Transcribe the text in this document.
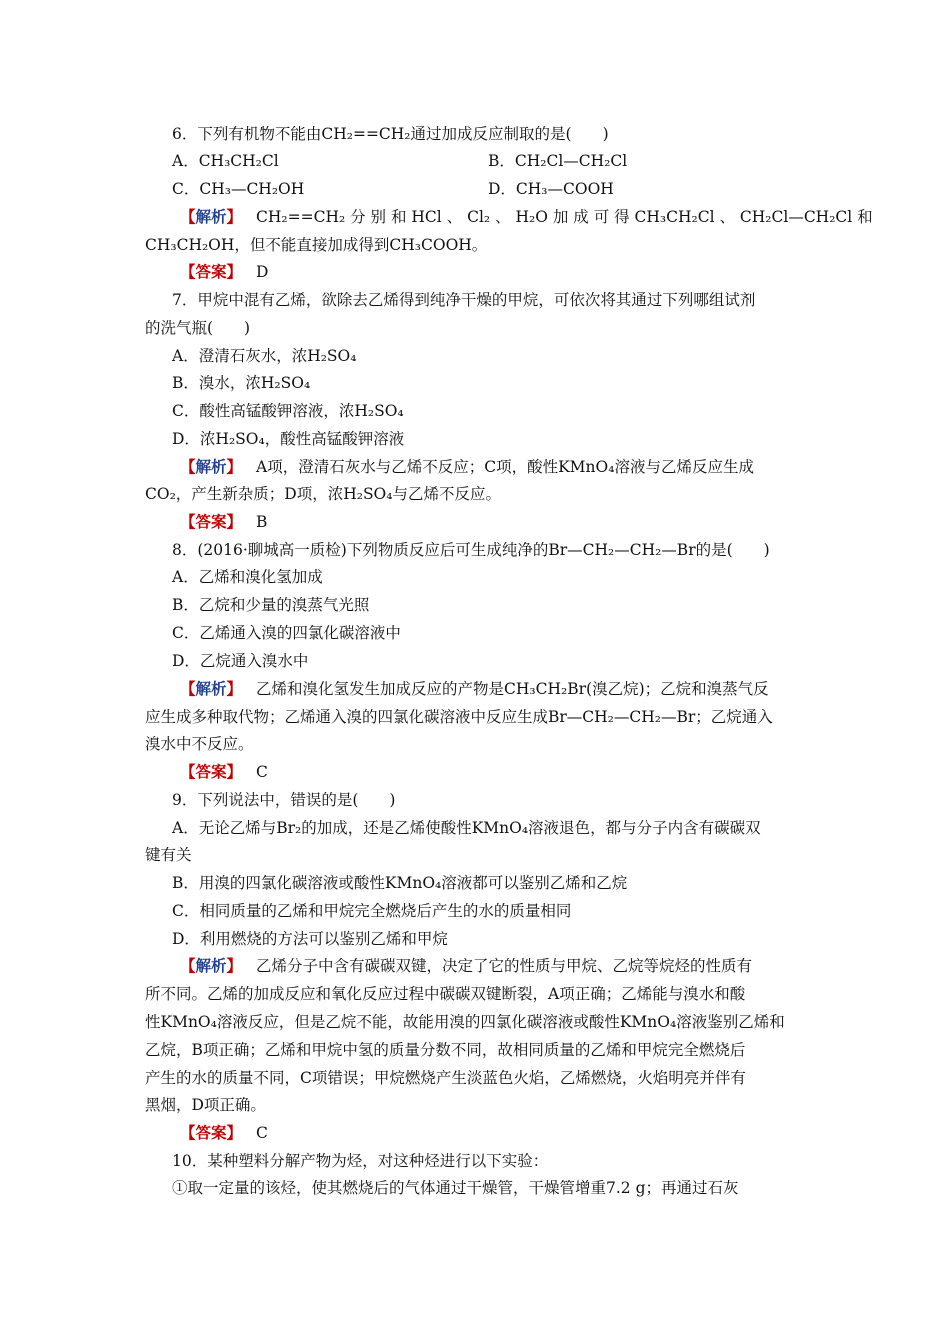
6．下列有机物不能由CH₂==CH₂通过加成反应制取的是(　　)
A．CH₃CH₂Cl	B．CH₂Cl—CH₂Cl
C．CH₃—CH₂OH	D．CH₃—COOH
【解析】 CH₂==CH₂ 分 别 和 HCl 、 Cl₂ 、 H₂O 加 成 可 得 CH₃CH₂Cl 、 CH₂Cl—CH₂Cl 和
CH₃CH₂OH，但不能直接加成得到CH₃COOH。
【答案】 D
7．甲烷中混有乙烯，欲除去乙烯得到纯净干燥的甲烷，可依次将其通过下列哪组试剂
的洗气瓶(　　)
A．澄清石灰水，浓H₂SO₄
B．溴水，浓H₂SO₄
C．酸性高锰酸钾溶液，浓H₂SO₄
D．浓H₂SO₄，酸性高锰酸钾溶液
【解析】 A项，澄清石灰水与乙烯不反应；C项，酸性KMnO₄溶液与乙烯反应生成
CO₂，产生新杂质；D项，浓H₂SO₄与乙烯不反应。
【答案】 B
8．(2016·聊城高一质检)下列物质反应后可生成纯净的Br—CH₂—CH₂—Br的是(　　)
A．乙烯和溴化氢加成
B．乙烷和少量的溴蒸气光照
C．乙烯通入溴的四氯化碳溶液中
D．乙烷通入溴水中
【解析】 乙烯和溴化氢发生加成反应的产物是CH₃CH₂Br(溴乙烷)；乙烷和溴蒸气反
应生成多种取代物；乙烯通入溴的四氯化碳溶液中反应生成Br—CH₂—CH₂—Br；乙烷通入
溴水中不反应。
【答案】 C
9．下列说法中，错误的是(　　)
A．无论乙烯与Br₂的加成，还是乙烯使酸性KMnO₄溶液退色，都与分子内含有碳碳双
键有关
B．用溴的四氯化碳溶液或酸性KMnO₄溶液都可以鉴别乙烯和乙烷
C．相同质量的乙烯和甲烷完全燃烧后产生的水的质量相同
D．利用燃烧的方法可以鉴别乙烯和甲烷
【解析】 乙烯分子中含有碳碳双键，决定了它的性质与甲烷、乙烷等烷烃的性质有
所不同。乙烯的加成反应和氧化反应过程中碳碳双键断裂，A项正确；乙烯能与溴水和酸
性KMnO₄溶液反应，但是乙烷不能，故能用溴的四氯化碳溶液或酸性KMnO₄溶液鉴别乙烯和
乙烷，B项正确；乙烯和甲烷中氢的质量分数不同，故相同质量的乙烯和甲烷完全燃烧后
产生的水的质量不同，C项错误；甲烷燃烧产生淡蓝色火焰，乙烯燃烧，火焰明亮并伴有
黑烟，D项正确。
【答案】 C
10．某种塑料分解产物为烃，对这种烃进行以下实验：
①取一定量的该烃，使其燃烧后的气体通过干燥管，干燥管增重7.2 g；再通过石灰
